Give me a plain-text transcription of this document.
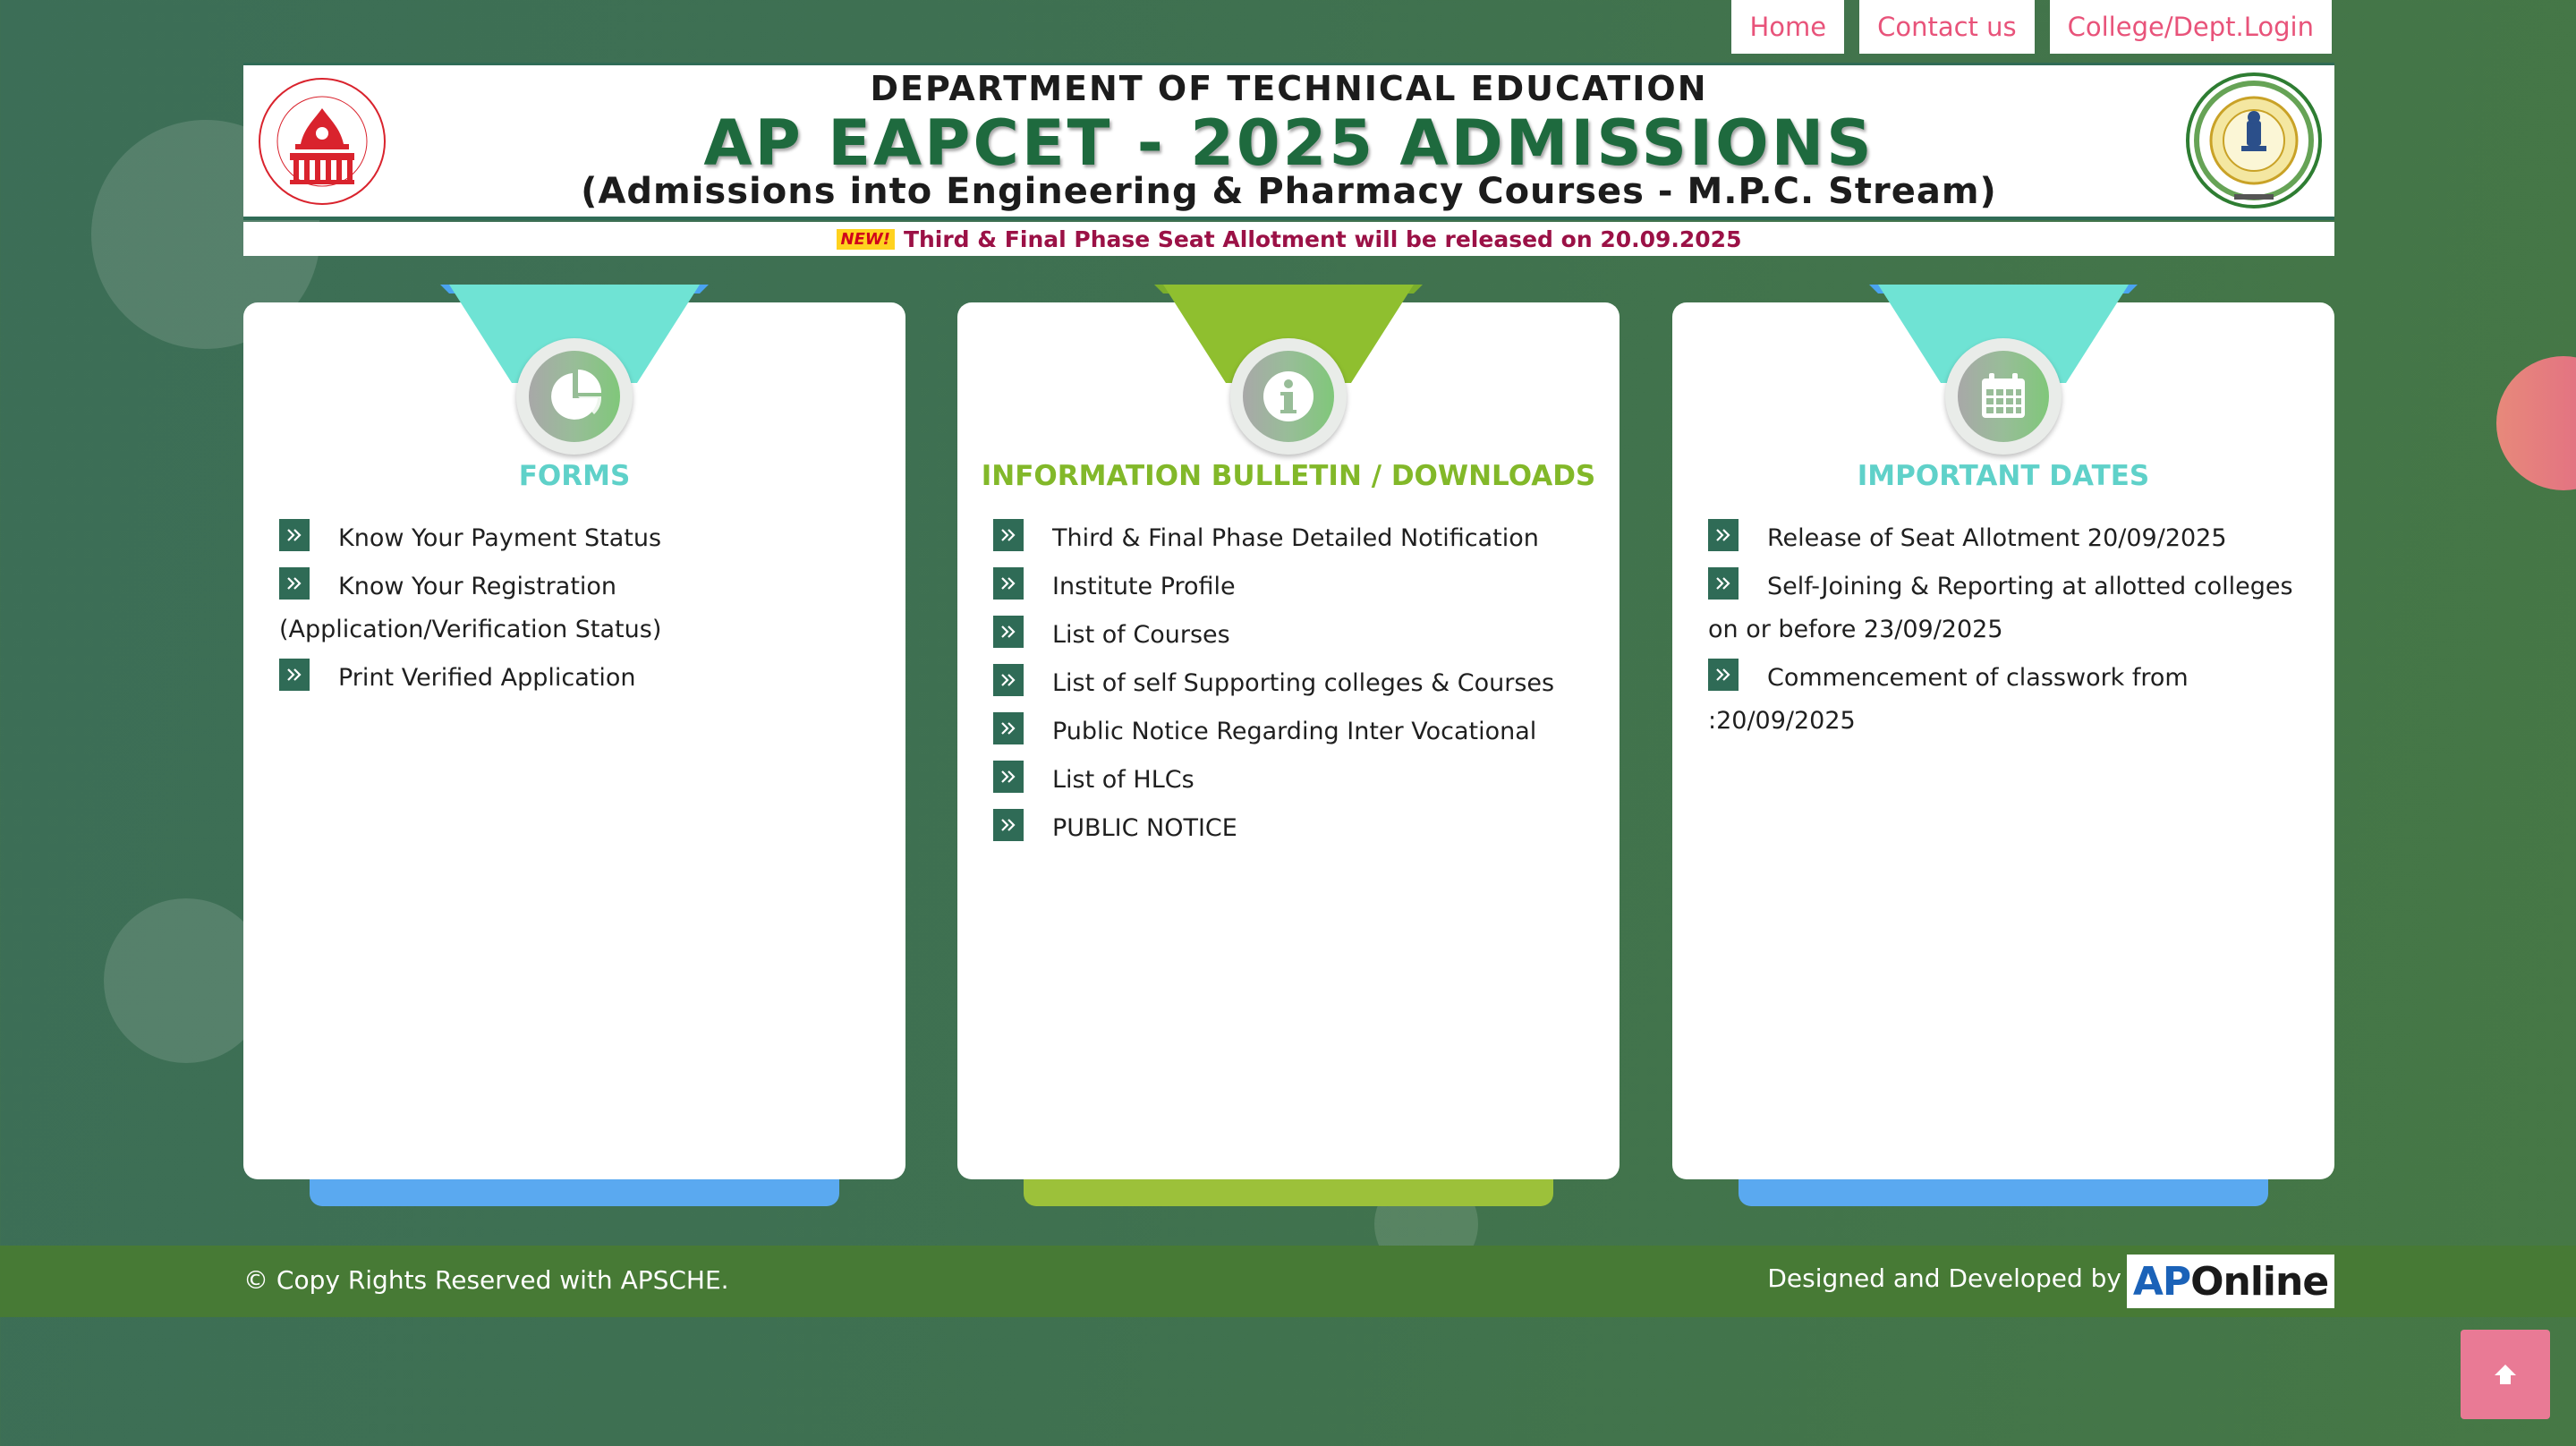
Home	Contact us	College/Dept.Login
DEPARTMENT OF TECHNICAL EDUCATION
AP EAPCET - 2025 ADMISSIONS
(Admissions into Engineering & Pharmacy Courses - M.P.C. Stream)
NEW! Third & Final Phase Seat Allotment will be released on 20.09.2025
FORMS
Know Your Payment Status
Know Your Registration (Application/Verification Status)
Print Verified Application
INFORMATION BULLETIN / DOWNLOADS
Third & Final Phase Detailed Notification
Institute Profile
List of Courses
List of self Supporting colleges & Courses
Public Notice Regarding Inter Vocational
List of HLCs
PUBLIC NOTICE
IMPORTANT DATES
Release of Seat Allotment 20/09/2025
Self-Joining & Reporting at allotted colleges on or before 23/09/2025
Commencement of classwork from :20/09/2025
© Copy Rights Reserved with APSCHE.	Designed and Developed by AP Online
